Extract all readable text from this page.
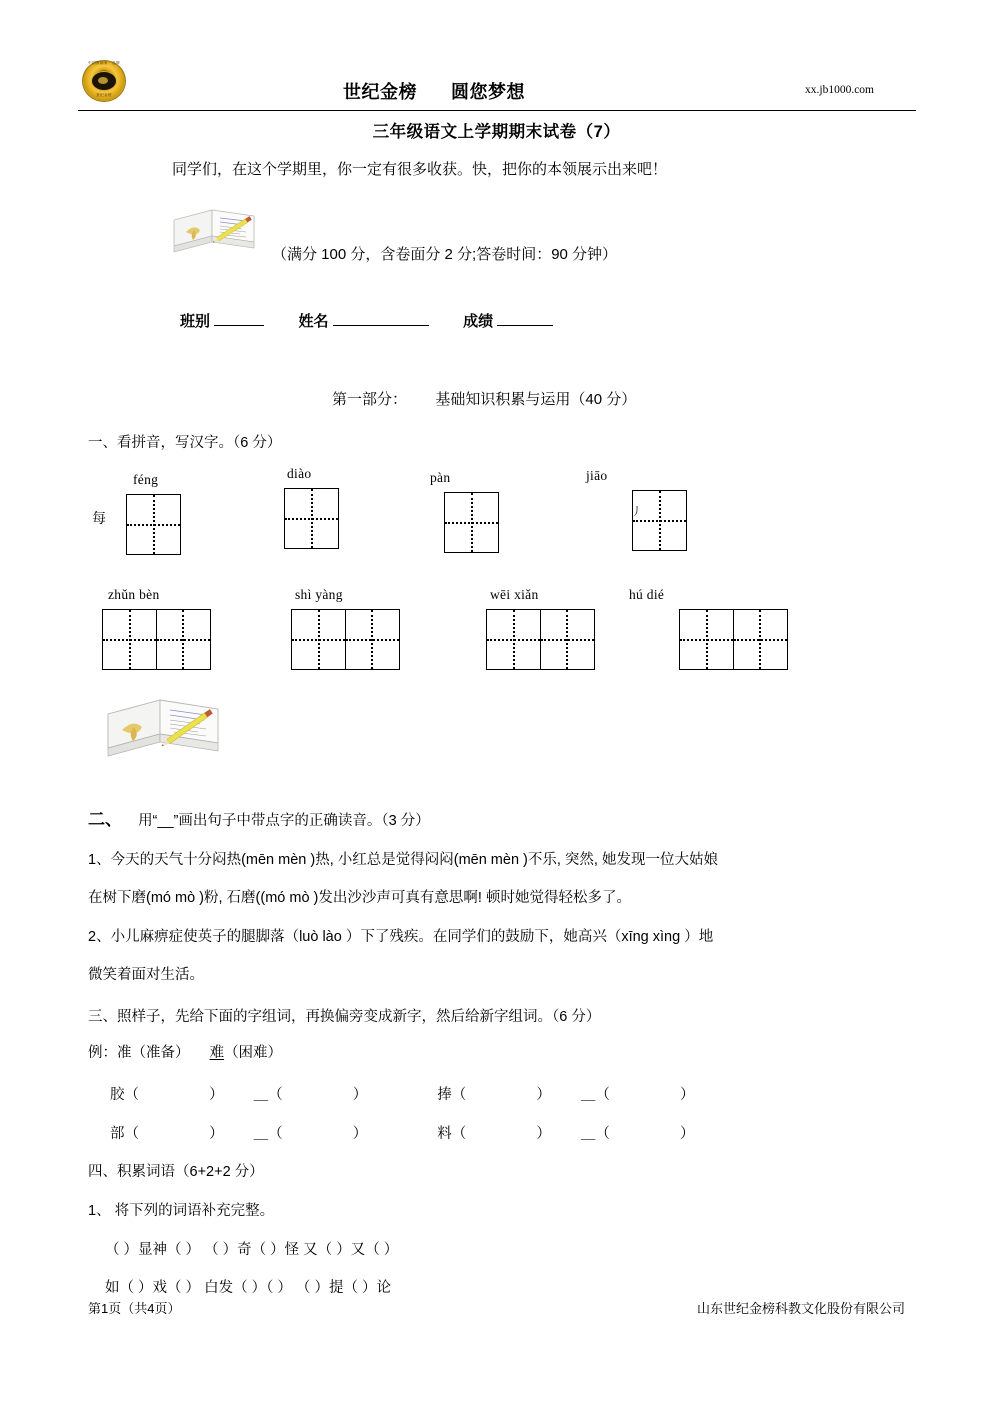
中国教辅第一品牌
世纪金榜	世纪金榜 圆您梦想	xx.jb1000.com
三年级语文上学期期末试卷（7）
同学们，在这个学期里，你一定有很多收获。快，把你的本领展示出来吧！
（满分 100 分，含卷面分 2 分;答卷时间：90 分钟）
班别	姓名	成绩
第一部分： 基础知识积累与运用（40 分）
一、看拼音，写汉字。（6 分）
每
féng	diào	pàn	jiāo
丿
zhǔn bèn	shì yàng	wēi xiǎn	hú dié
二、 用“__”画出句子中带点字的正确读音。（3 分）
1、今天的天气十分闷热(mēn mèn )热, 小红总是觉得闷闷(mēn mèn )不乐, 突然, 她发现一位大姑娘
在树下磨(mó mò )粉, 石磨((mó mò )发出沙沙声可真有意思啊! 顿时她觉得轻松多了。
2、小儿麻痹症使英子的腿脚落（luò lào ）下了残疾。在同学们的鼓励下，她高兴（xīng xìng ）地
微笑着面对生活。
三、照样子，先给下面的字组词，再换偏旁变成新字，然后给新字组词。（6 分）
例：准（准备） 难（困难）
胶（	） ＿（	）	捧（	） ＿（	）
部（	） ＿（	）	料（	） ＿（	）
四、积累词语（6+2+2 分）
1、 将下列的词语补充完整。
（ ）显神（ ） （ ）奇（ ）怪 又（ ）又（ ）
如（ ）戏（ ） 白发（ ）（ ） （ ）提（ ）论
第1页（共4页）	山东世纪金榜科教文化股份有限公司
